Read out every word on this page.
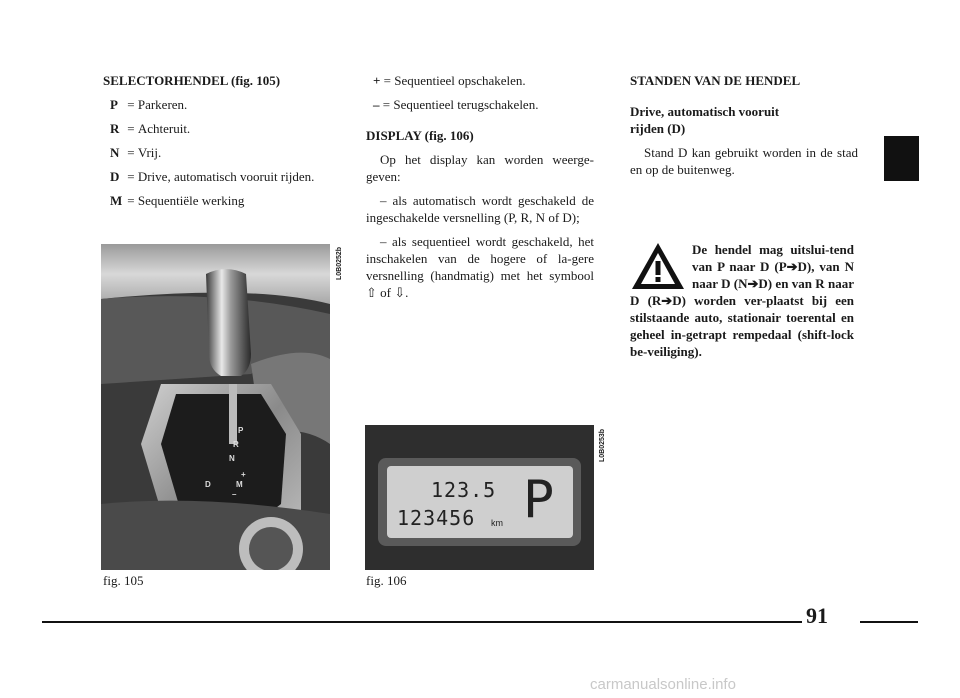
SELECTORHENDEL (fig. 105)

P = Parkeren.
R = Achteruit.
N = Vrij.
D = Drive, automatisch vooruit rijden.
M = Sequentiële werking

+ = Sequentieel opschakelen.

– = Sequentieel terugschakelen.

DISPLAY (fig. 106)

Op het display kan worden weerge-geven:

– als automatisch wordt geschakeld de ingeschakelde versnelling (P, R, N of D);

– als sequentieel wordt geschakeld, het inschakelen van de hogere of la-gere versnelling (handmatig) met het symbool ⇧ of ⇩.

STANDEN VAN DE HENDEL

Drive, automatisch vooruit rijden (D)

Stand D kan gebruikt worden in de stad en op de buitenweg.

De hendel mag uitslui-tend van P naar D (P➔D), van N naar D (N➔D) en van R naar D (R➔D) worden ver-plaatst bij een stilstaande auto, stationair toerental en geheel in-getrapt rempedaal (shift-lock be-veiliging).
P
R
N
D
+
M
–
L0B0252b
fig. 105
123.5
123456 km P
L0B0253b
fig. 106
91
carmanualsonline.info
